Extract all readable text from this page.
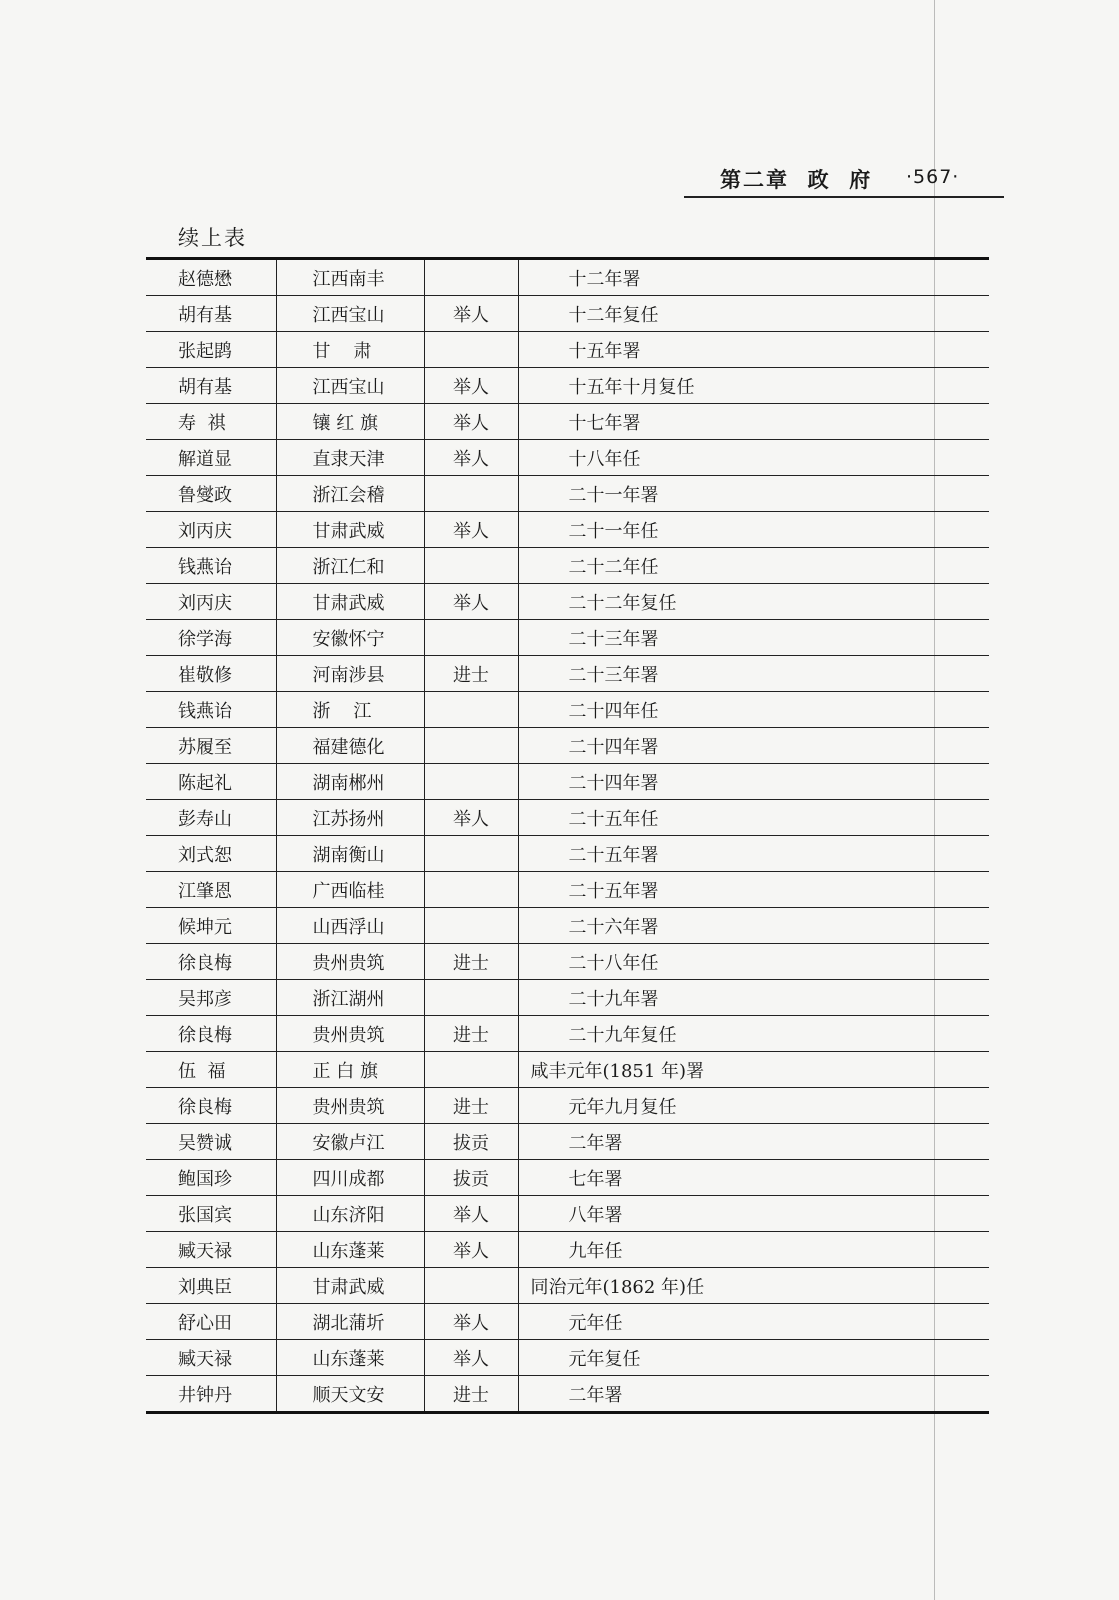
第二章  政  府 ·567·
续上表
赵德懋	江西南丰		十二年署
胡有基	江西宝山	举人	十二年复任
张起鹍	甘    肃		十五年署
胡有基	江西宝山	举人	十五年十月复任
寿  祺	镶 红 旗	举人	十七年署
解道显	直隶天津	举人	十八年任
鲁燮政	浙江会稽		二十一年署
刘丙庆	甘肃武威	举人	二十一年任
钱燕诒	浙江仁和		二十二年任
刘丙庆	甘肃武威	举人	二十二年复任
徐学海	安徽怀宁		二十三年署
崔敬修	河南涉县	进士	二十三年署
钱燕诒	浙    江		二十四年任
苏履至	福建德化		二十四年署
陈起礼	湖南郴州		二十四年署
彭寿山	江苏扬州	举人	二十五年任
刘式恕	湖南衡山		二十五年署
江肇恩	广西临桂		二十五年署
候坤元	山西浮山		二十六年署
徐良梅	贵州贵筑	进士	二十八年任
吴邦彦	浙江湖州		二十九年署
徐良梅	贵州贵筑	进士	二十九年复任
伍  福	正 白 旗		咸丰元年(1851 年)署
徐良梅	贵州贵筑	进士	元年九月复任
吴赞诚	安徽卢江	拔贡	二年署
鲍国珍	四川成都	拔贡	七年署
张国宾	山东济阳	举人	八年署
臧天禄	山东蓬莱	举人	九年任
刘典臣	甘肃武威		同治元年(1862 年)任
舒心田	湖北蒲圻	举人	元年任
臧天禄	山东蓬莱	举人	元年复任
井钟丹	顺天文安	进士	二年署
